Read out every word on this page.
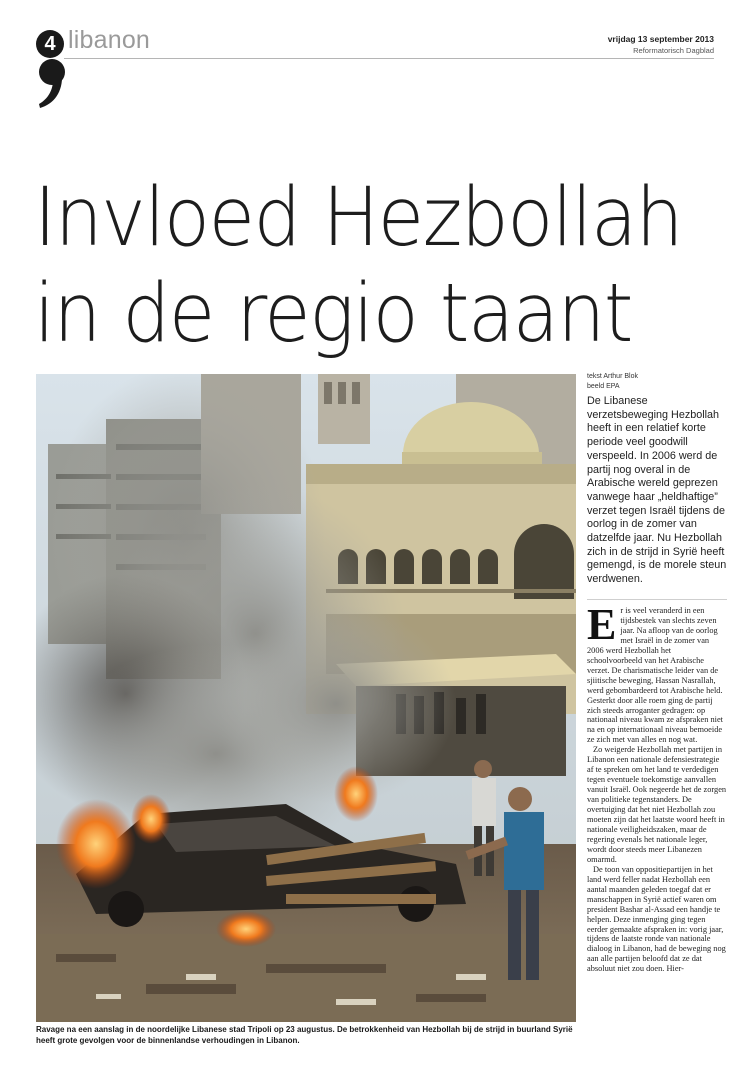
4 libanon	vrijdag 13 september 2013
Reformatorisch Dagblad
Invloed Hezbollah
in de regio taant
Ravage na een aanslag in de noordelijke Libanese stad Tripoli op 23 augustus. De betrokkenheid van Hezbollah bij de strijd in buurland Syrië heeft grote gevolgen voor de binnenlandse verhoudingen in Libanon.
tekst Arthur Blok
beeld EPA
De Libanese verzetsbeweging Hezbollah heeft in een relatief korte periode veel goodwill verspeeld. In 2006 werd de partij nog overal in de Arabische wereld geprezen vanwege haar „heldhaftige” verzet tegen Israël tijdens de oorlog in de zomer van datzelfde jaar. Nu Hezbollah zich in de strijd in Syrië heeft gemengd, is de morele steun verdwenen.
E r is veel veranderd in een tijdsbestek van slechts zeven jaar. Na afloop van de oorlog met Israël in de zomer van 2006 werd Hezbollah het schoolvoorbeeld van het Arabische verzet. De charismatische leider van de sjiitische beweging, Hassan Nasrallah, werd gebombardeerd tot Arabische held. Gesterkt door alle roem ging de partij zich steeds arroganter gedragen: op nationaal niveau kwam ze afspraken niet na en op internationaal niveau bemoeide ze zich met van alles en nog wat.

Zo weigerde Hezbollah met partijen in Libanon een nationale defensiestrategie af te spreken om het land te verdedigen tegen eventuele toekomstige aanvallen vanuit Israël. Ook negeerde het de zorgen van politieke tegenstanders. De overtuiging dat het niet Hezbollah zou moeten zijn dat het laatste woord heeft in nationale veiligheidszaken, maar de regering evenals het nationale leger, wordt door steeds meer Libanezen omarmd.

De toon van oppositiepartijen in het land werd feller nadat Hezbollah een aantal maanden geleden toegaf dat er manschappen in Syrië actief waren om president Bashar al-Assad een handje te helpen. Deze inmenging ging tegen eerder gemaakte afspraken in: vorig jaar, tijdens de laatste ronde van nationale dialoog in Libanon, had de beweging nog aan alle partijen beloofd dat ze dat absoluut niet zou doen. Hier-
